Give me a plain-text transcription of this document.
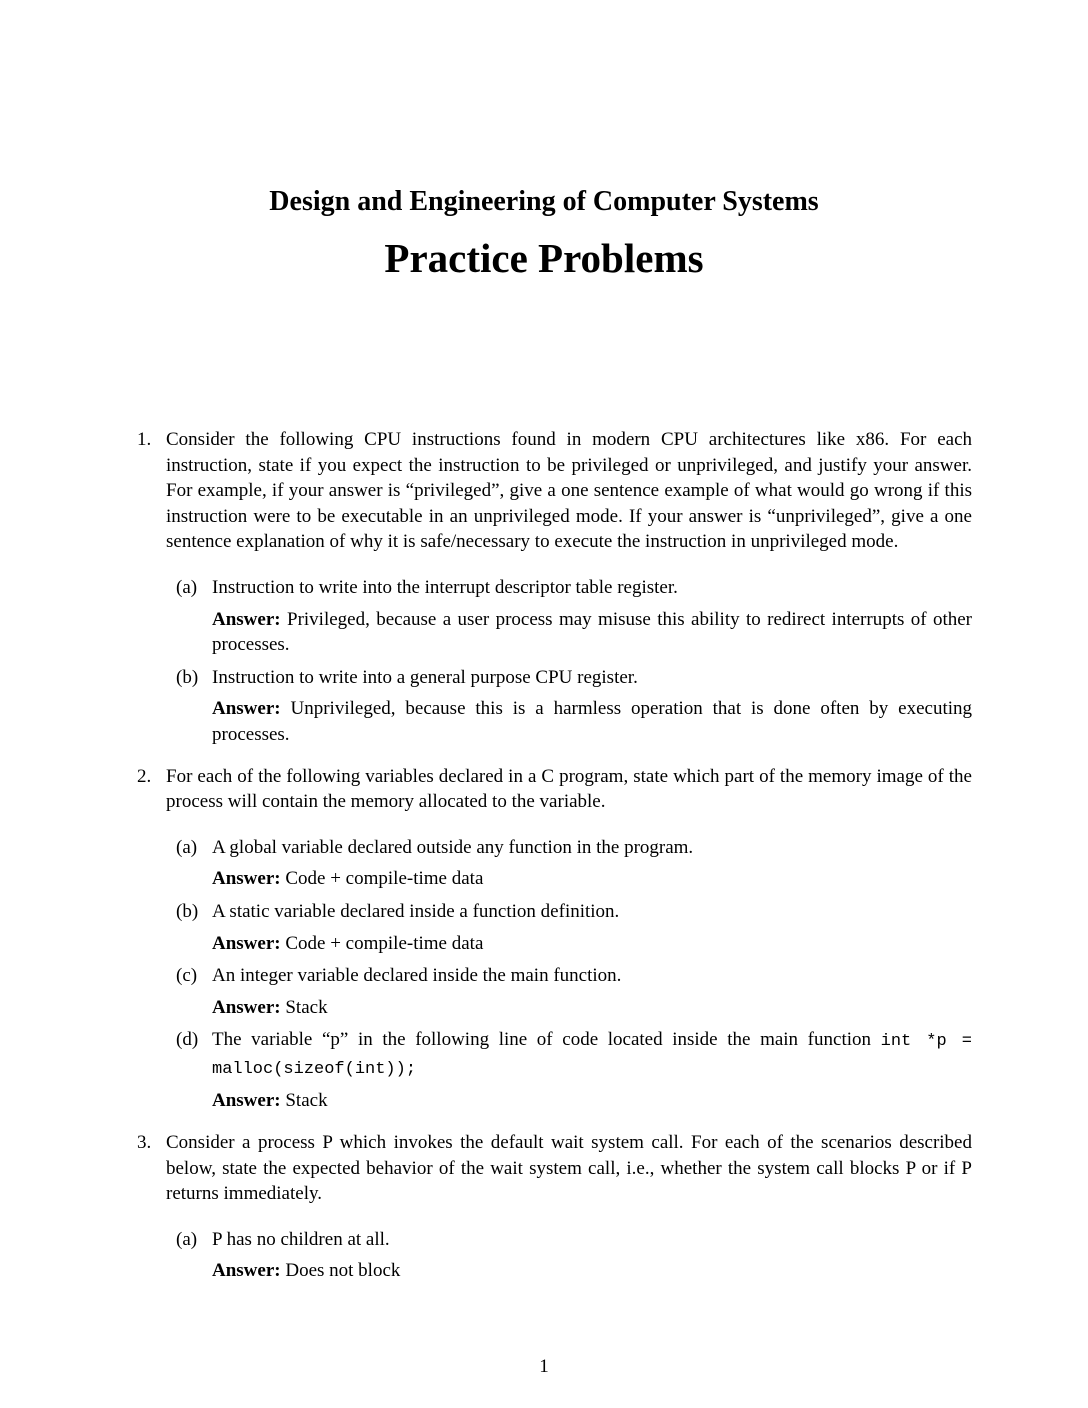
Design and Engineering of Computer Systems
Practice Problems
1. Consider the following CPU instructions found in modern CPU architectures like x86. For each instruction, state if you expect the instruction to be privileged or unprivileged, and justify your answer. For example, if your answer is “privileged”, give a one sentence example of what would go wrong if this instruction were to be executable in an unprivileged mode. If your answer is “unprivileged”, give a one sentence explanation of why it is safe/necessary to execute the instruction in unprivileged mode.

(a) Instruction to write into the interrupt descriptor table register.

Answer: Privileged, because a user process may misuse this ability to redirect interrupts of other processes.

(b) Instruction to write into a general purpose CPU register.

Answer: Unprivileged, because this is a harmless operation that is done often by executing processes.

2. For each of the following variables declared in a C program, state which part of the memory image of the process will contain the memory allocated to the variable.

(a) A global variable declared outside any function in the program.

Answer: Code + compile-time data

(b) A static variable declared inside a function definition.

Answer: Code + compile-time data

(c) An integer variable declared inside the main function.

Answer: Stack

(d) The variable “p” in the following line of code located inside the main function int *p = malloc(sizeof(int));

Answer: Stack

3. Consider a process P which invokes the default wait system call. For each of the scenarios described below, state the expected behavior of the wait system call, i.e., whether the system call blocks P or if P returns immediately.

(a) P has no children at all.

Answer: Does not block

1
